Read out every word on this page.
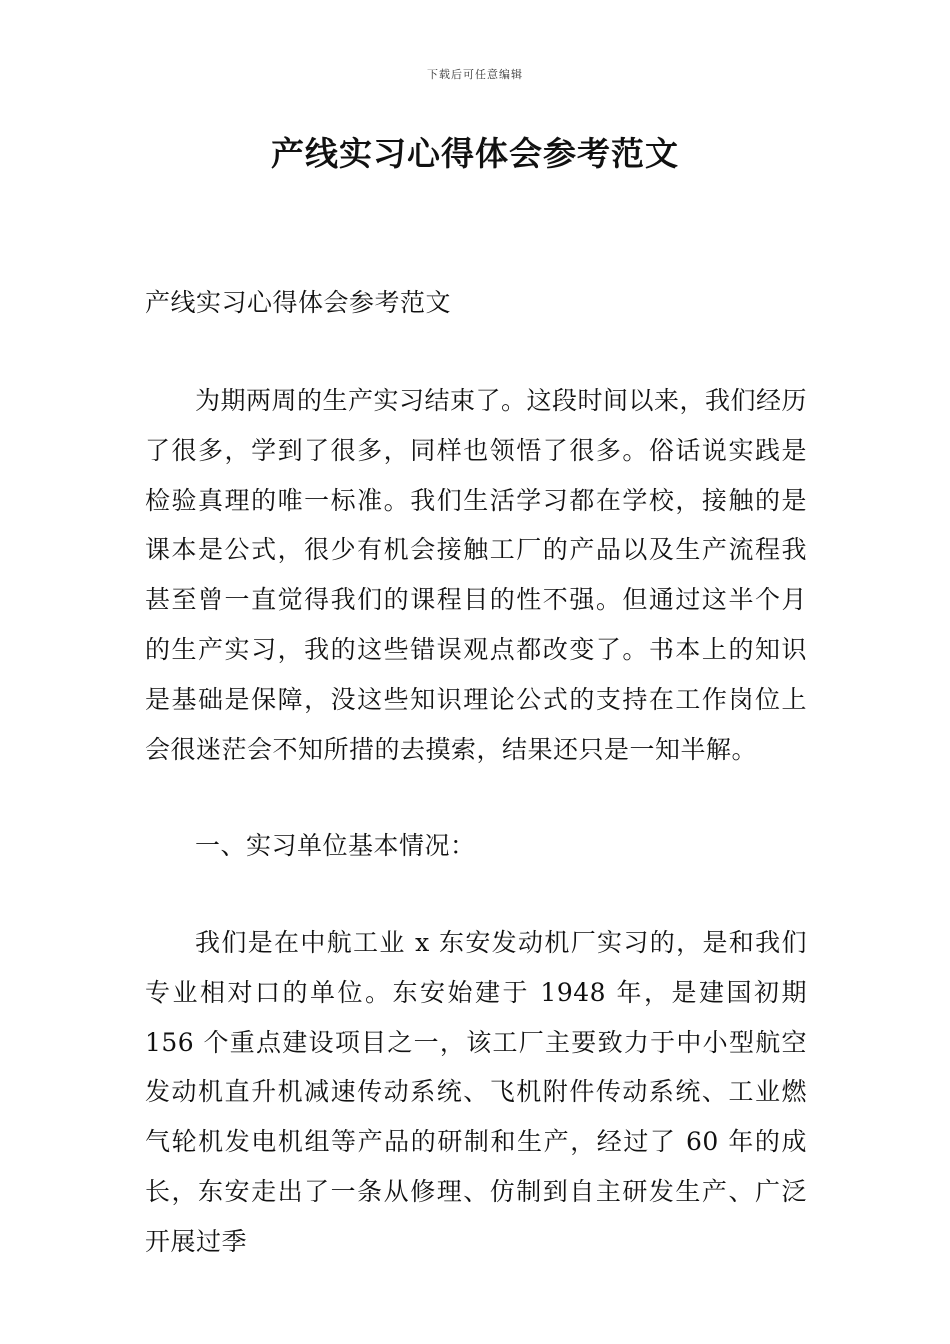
下载后可任意编辑
产线实习心得体会参考范文

产线实习心得体会参考范文

为期两周的生产实习结束了。这段时间以来，我们经历了很多，学到了很多，同样也领悟了很多。俗话说实践是检验真理的唯一标准。我们生活学习都在学校，接触的是课本是公式，很少有机会接触工厂的产品以及生产流程我甚至曾一直觉得我们的课程目的性不强。但通过这半个月的生产实习，我的这些错误观点都改变了。书本上的知识是基础是保障，没这些知识理论公式的支持在工作岗位上会很迷茫会不知所措的去摸索，结果还只是一知半解。

一、实习单位基本情况：

我们是在中航工业 x 东安发动机厂实习的，是和我们专业相对口的单位。东安始建于 1948 年，是建国初期 156 个重点建设项目之一，该工厂主要致力于中小型航空发动机直升机减速传动系统、飞机附件传动系统、工业燃气轮机发电机组等产品的研制和生产，经过了 60 年的成长，东安走出了一条从修理、仿制到自主研发生产、广泛开展过季
